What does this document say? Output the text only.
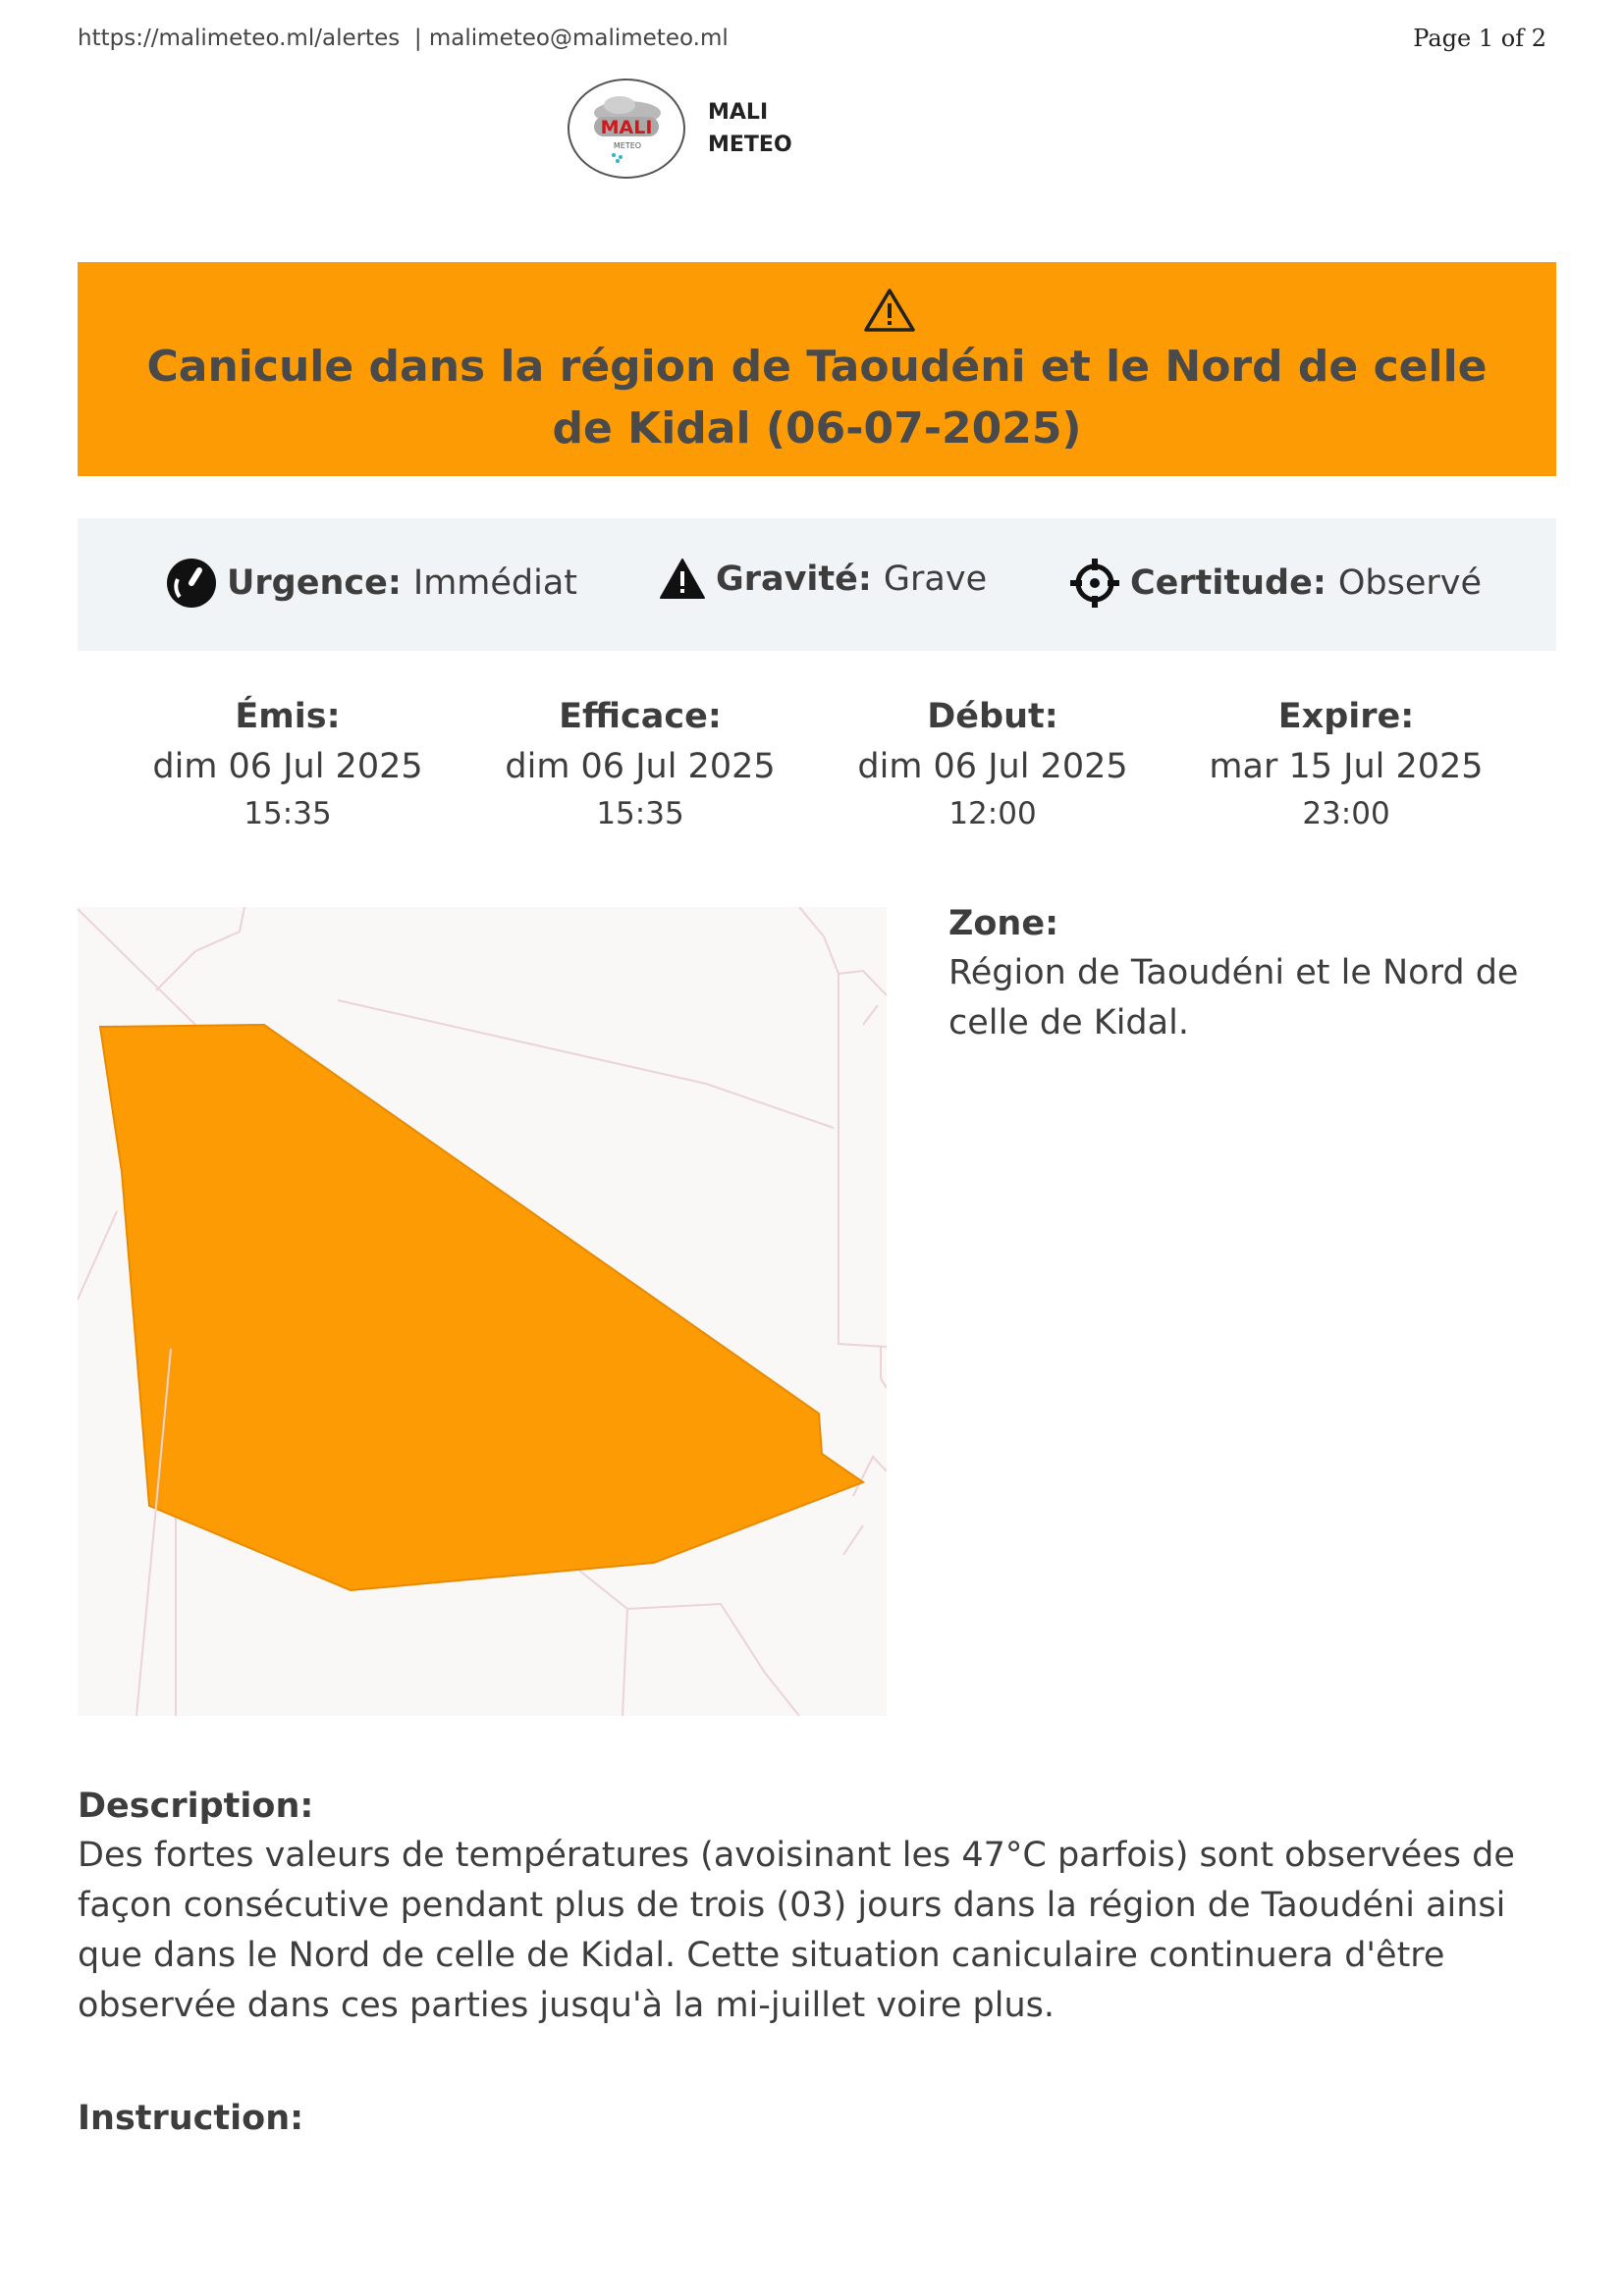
https://malimeteo.ml/alertes  | malimeteo@malimeteo.ml	Page 1 of 2
MALI
METEO
MALI
METEO
Canicule dans la région de Taoudéni et le Nord de celle de Kidal (06-07-2025)
Urgence: Immédiat	Gravité: Grave	Certitude: Observé
Émis:
dim 06 Jul 2025
15:35
Efficace:
dim 06 Jul 2025
15:35
Début:
dim 06 Jul 2025
12:00
Expire:
mar 15 Jul 2025
23:00
Zone:
Région de Taoudéni et le Nord de celle de Kidal.
Description:
Des fortes valeurs de températures (avoisinant les 47°C parfois) sont observées de façon consécutive pendant plus de trois (03) jours dans la région de Taoudéni ainsi que dans le Nord de celle de Kidal. Cette situation caniculaire continuera d'être observée dans ces parties jusqu'à la mi-juillet voire plus.
Instruction:
